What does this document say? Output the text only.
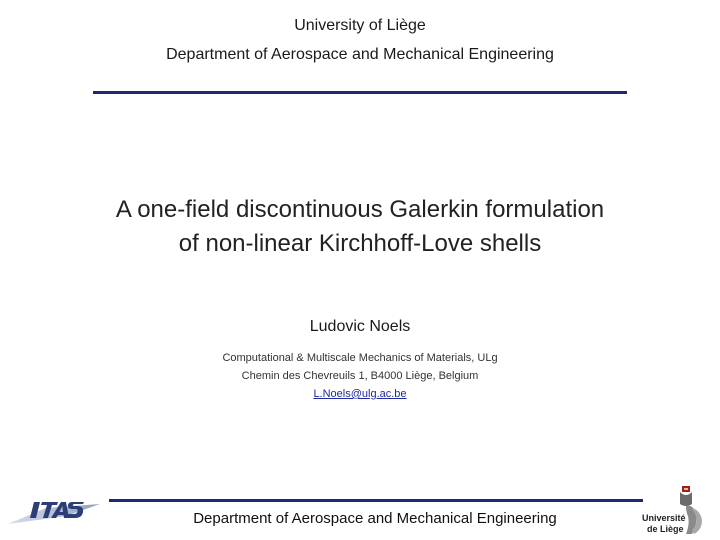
University of Liège
Department of Aerospace and Mechanical Engineering
A one-field discontinuous Galerkin formulation
of non-linear Kirchhoff-Love shells
Ludovic Noels
Computational & Multiscale Mechanics of Materials, ULg
Chemin des Chevreuils 1, B4000 Liège, Belgium
L.Noels@ulg.ac.be
Department of Aerospace and Mechanical Engineering	Université
de Liège
